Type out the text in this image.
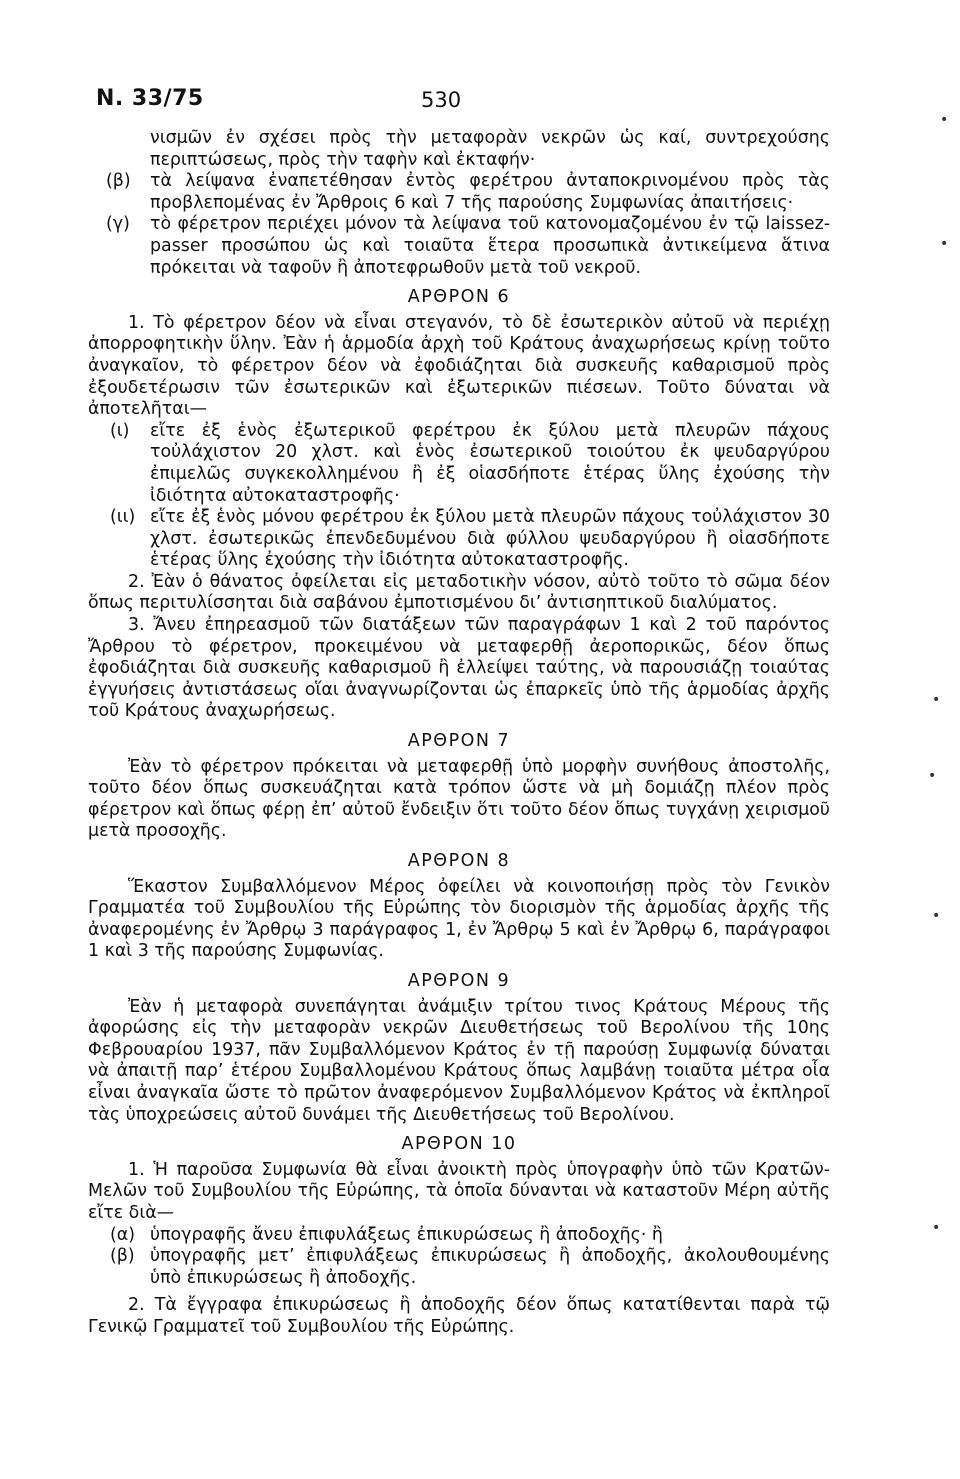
N. 33/75	530
•
•
•
•
•
•

νισμῶν ἐν σχέσει πρὸς τὴν μεταφορὰν νεκρῶν ὡς καί, συντρεχούσης περιπτώσεως, πρὸς τὴν ταφὴν καὶ ἐκταφήν·

(β) τὰ λείψανα ἐναπετέθησαν ἐντὸς φερέτρου ἀνταποκρινομένου πρὸς τὰς προβλεπομένας ἐν Ἄρθροις 6 καὶ 7 τῆς παρούσης Συμφωνίας ἀπαιτήσεις·

(γ) τὸ φέρετρον περιέχει μόνον τὰ λείψανα τοῦ κατονομαζομένου ἐν τῷ laissez-passer προσώπου ὡς καὶ τοιαῦτα ἕτερα προσωπικὰ ἀντικείμενα ἅτινα πρόκειται νὰ ταφοῦν ἢ ἀποτεφρωθοῦν μετὰ τοῦ νεκροῦ.

ΑΡΘΡΟΝ 6

1. Τὸ φέρετρον δέον νὰ εἶναι στεγανόν, τὸ δὲ ἐσωτερικὸν αὐτοῦ νὰ περιέχῃ ἀπορροφητικὴν ὕλην. Ἐὰν ἡ ἁρμοδία ἀρχὴ τοῦ Κράτους ἀναχωρήσεως κρίνῃ τοῦτο ἀναγκαῖον, τὸ φέρετρον δέον νὰ ἐφοδιάζηται διὰ συσκευῆς καθαρισμοῦ πρὸς ἐξουδετέρωσιν τῶν ἐσωτερικῶν καὶ ἐξωτερικῶν πιέσεων. Τοῦτο δύναται νὰ ἀποτελῆται—

(ι) εἴτε ἐξ ἑνὸς ἐξωτερικοῦ φερέτρου ἐκ ξύλου μετὰ πλευρῶν πάχους τοὐλάχιστον 20 χλστ. καὶ ἑνὸς ἐσωτερικοῦ τοιούτου ἐκ ψευδαργύρου ἐπιμελῶς συγκεκολλημένου ἢ ἐξ οἱασδήποτε ἑτέρας ὕλης ἐχούσης τὴν ἰδιότητα αὐτοκαταστροφῆς·

(ιι) εἴτε ἐξ ἑνὸς μόνου φερέτρου ἐκ ξύλου μετὰ πλευρῶν πάχους τοὐλάχιστον 30 χλστ. ἐσωτερικῶς ἐπενδεδυμένου διὰ φύλλου ψευδαργύρου ἢ οἱασδήποτε ἑτέρας ὕλης ἐχούσης τὴν ἰδιότητα αὐτοκαταστροφῆς.

2. Ἐὰν ὁ θάνατος ὀφείλεται εἰς μεταδοτικὴν νόσον, αὐτὸ τοῦτο τὸ σῶμα δέον ὅπως περιτυλίσσηται διὰ σαβάνου ἐμποτισμένου δι’ ἀντισηπτικοῦ διαλύματος.

3. Ἄνευ ἐπηρεασμοῦ τῶν διατάξεων τῶν παραγράφων 1 καὶ 2 τοῦ παρόντος Ἄρθρου τὸ φέρετρον, προκειμένου νὰ μεταφερθῇ ἀεροπορικῶς, δέον ὅπως ἐφοδιάζηται διὰ συσκευῆς καθαρισμοῦ ἢ ἐλλείψει ταύτης, νὰ παρουσιάζῃ τοιαύτας ἐγγυήσεις ἀντιστάσεως οἵαι ἀναγνωρίζονται ὡς ἐπαρκεῖς ὑπὸ τῆς ἁρμοδίας ἀρχῆς τοῦ Κράτους ἀναχωρήσεως.

ΑΡΘΡΟΝ 7

Ἐὰν τὸ φέρετρον πρόκειται νὰ μεταφερθῇ ὑπὸ μορφὴν συνήθους ἀποστολῆς, τοῦτο δέον ὅπως συσκευάζηται κατὰ τρόπον ὥστε νὰ μὴ δομιάζῃ πλέον πρὸς φέρετρον καὶ ὅπως φέρῃ ἐπ’ αὐτοῦ ἔνδειξιν ὅτι τοῦτο δέον ὅπως τυγχάνῃ χειρισμοῦ μετὰ προσοχῆς.

ΑΡΘΡΟΝ 8

Ἕκαστον Συμβαλλόμενον Μέρος ὀφείλει νὰ κοινοποιήσῃ πρὸς τὸν Γενικὸν Γραμματέα τοῦ Συμβουλίου τῆς Εὐρώπης τὸν διορισμὸν τῆς ἁρμοδίας ἀρχῆς τῆς ἀναφερομένης ἐν Ἄρθρῳ 3 παράγραφος 1, ἐν Ἄρθρῳ 5 καὶ ἐν Ἄρθρῳ 6, παράγραφοι 1 καὶ 3 τῆς παρούσης Συμφωνίας.

ΑΡΘΡΟΝ 9

Ἐὰν ἡ μεταφορὰ συνεπάγηται ἀνάμιξιν τρίτου τινος Κράτους Μέρους τῆς ἀφορώσης εἰς τὴν μεταφορὰν νεκρῶν Διευθετήσεως τοῦ Βερολίνου τῆς 10ης Φεβρουαρίου 1937, πᾶν Συμβαλλόμενον Κράτος ἐν τῇ παρούσῃ Συμφωνίᾳ δύναται νὰ ἀπαιτῇ παρ’ ἑτέρου Συμβαλλομένου Κράτους ὅπως λαμβάνῃ τοιαῦτα μέτρα οἷα εἶναι ἀναγκαῖα ὥστε τὸ πρῶτον ἀναφερόμενον Συμβαλλόμενον Κράτος νὰ ἐκπληροῖ τὰς ὑποχρεώσεις αὐτοῦ δυνάμει τῆς Διευθετήσεως τοῦ Βερολίνου.

ΑΡΘΡΟΝ 10

1. Ἡ παροῦσα Συμφωνία θὰ εἶναι ἀνοικτὴ πρὸς ὑπογραφὴν ὑπὸ τῶν Κρατῶν-Μελῶν τοῦ Συμβουλίου τῆς Εὐρώπης, τὰ ὁποῖα δύνανται νὰ καταστοῦν Μέρη αὐτῆς εἴτε διὰ—

(α) ὑπογραφῆς ἄνευ ἐπιφυλάξεως ἐπικυρώσεως ἢ ἀποδοχῆς· ἢ

(β) ὑπογραφῆς μετ’ ἐπιφυλάξεως ἐπικυρώσεως ἢ ἀποδοχῆς, ἀκολουθουμένης ὑπὸ ἐπικυρώσεως ἢ ἀποδοχῆς.

2. Τὰ ἔγγραφα ἐπικυρώσεως ἢ ἀποδοχῆς δέον ὅπως κατατίθενται παρὰ τῷ Γενικῷ Γραμματεῖ τοῦ Συμβουλίου τῆς Εὐρώπης.
